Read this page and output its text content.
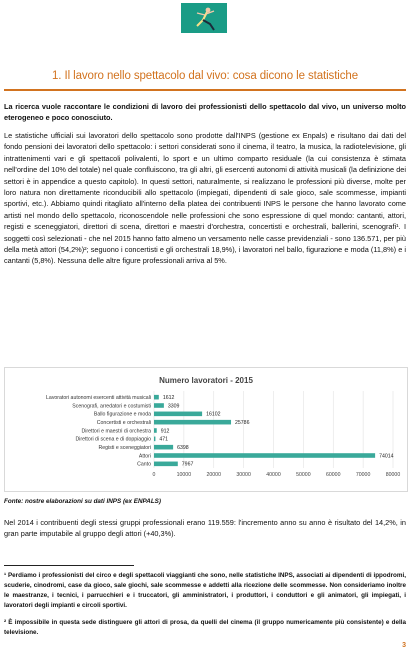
1. Il lavoro nello spettacolo dal vivo: cosa dicono le statistiche
La ricerca vuole raccontare le condizioni di lavoro dei professionisti dello spettacolo dal vivo, un universo molto eterogeneo e poco conosciuto.
Le statistiche ufficiali sui lavoratori dello spettacolo sono prodotte dall'INPS (gestione ex Enpals) e risultano dai dati del fondo pensioni dei lavoratori dello spettacolo: i settori considerati sono il cinema, il teatro, la musica, la radiotelevisione, gli intrattenimenti vari e gli spettacoli polivalenti, lo sport e un ultimo comparto residuale (la cui consistenza è stimata nell'ordine del 10% del totale) nel quale confluiscono, tra gli altri, gli esercenti autonomi di attività musicali (la definizione dei settori è in appendice a questo capitolo). In questi settori, naturalmente, si realizzano le professioni più diverse, molte per loro natura non direttamente riconducibili allo spettacolo (impiegati, dipendenti di sale gioco, sale scommesse, impianti sportivi, etc.). Abbiamo quindi ritagliato all'interno della platea dei contribuenti INPS le persone che hanno lavorato come artisti nel mondo dello spettacolo, riconoscendole nelle professioni che sono espressione di quel mondo: cantanti, attori, registi e sceneggiatori, direttori di scena, direttori e maestri d'orchestra, concertisti e orchestrali, ballerini, scenografi¹. I soggetti così selezionati - che nel 2015 hanno fatto almeno un versamento nelle casse previdenziali - sono 136.571, per più della metà attori (54,2%)²; seguono i concertisti e gli orchestrali 18,9%), i lavoratori nel ballo, figurazione e moda (11,8%) e i cantanti (5,8%). Nessuna delle altre figure professionali arriva al 5%.
Numero lavoratori - 2015
0	10000	20000	30000	40000	50000	60000	70000	80000
Lavoratori autonomi esercenti attività musicali 1612
Scenografi, arredatori e costumisti	3309
Ballo figurazione e moda	16102
Concertisti e orchestrali	25786
Direttori e maestri di orchestra 912
Direttori di scena e di doppiaggio 471
Registi e sceneggiatori	6398
Attori	74014
Canto	7967
Fonte: nostre elaborazioni su dati INPS (ex ENPALS)
Nel 2014 i contribuenti degli stessi gruppi professionali erano 119.559: l'incremento anno su anno è risultato del 14,2%, in gran parte imputabile al gruppo degli attori (+40,3%).
¹ Perdiamo i professionisti del circo e degli spettacoli viaggianti che sono, nelle statistiche INPS, associati ai dipendenti di ippodromi, scuderie, cinodromi, case da gioco, sale giochi, sale scommesse e addetti alla ricezione delle scommesse. Non consideriamo inoltre le maestranze, i tecnici, i parrucchieri e i truccatori, gli amministratori, i produttori, i conduttori e gli animatori, gli impiegati, i lavoratori degli impianti e circoli sportivi.
² È impossibile in questa sede distinguere gli attori di prosa, da quelli del cinema (il gruppo numericamente più consistente) e della televisione.
3
